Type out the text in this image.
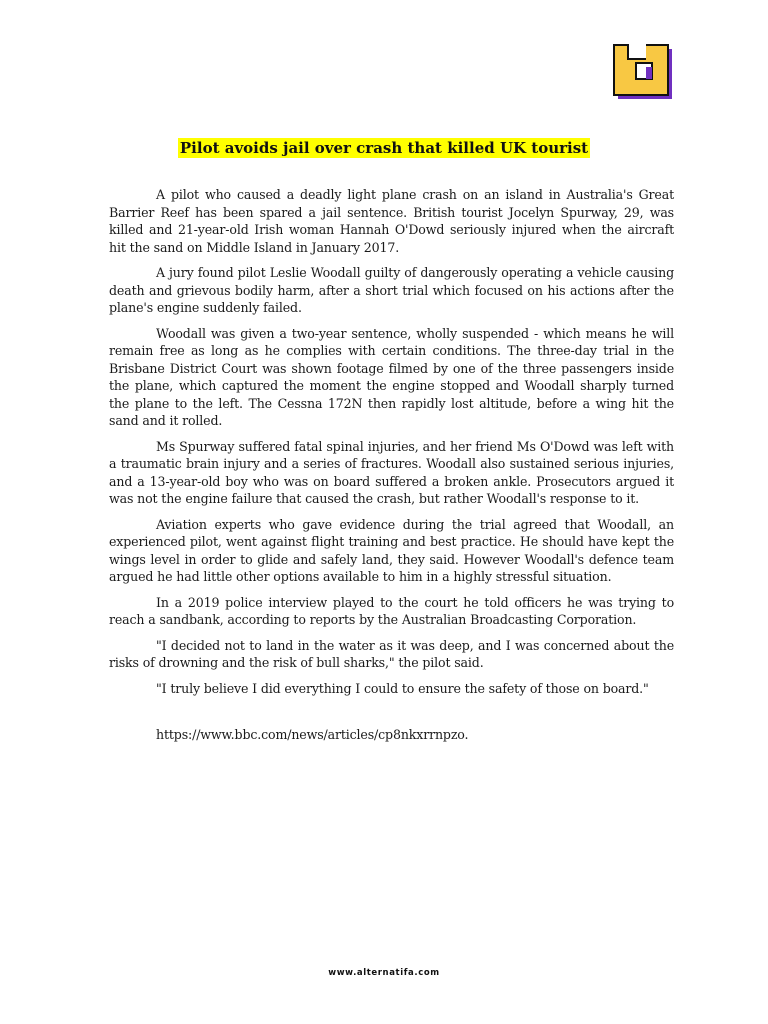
Pilot avoids jail over crash that killed UK tourist

A pilot who caused a deadly light plane crash on an island in Australia's Great Barrier Reef has been spared a jail sentence. British tourist Jocelyn Spurway, 29, was killed and 21-year-old Irish woman Hannah O'Dowd seriously injured when the aircraft hit the sand on Middle Island in January 2017.

A jury found pilot Leslie Woodall guilty of dangerously operating a vehicle causing death and grievous bodily harm, after a short trial which focused on his actions after the plane's engine suddenly failed.

Woodall was given a two-year sentence, wholly suspended - which means he will remain free as long as he complies with certain conditions. The three-day trial in the Brisbane District Court was shown footage filmed by one of the three passengers inside the plane, which captured the moment the engine stopped and Woodall sharply turned the plane to the left. The Cessna 172N then rapidly lost altitude, before a wing hit the sand and it rolled.

Ms Spurway suffered fatal spinal injuries, and her friend Ms O'Dowd was left with a traumatic brain injury and a series of fractures. Woodall also sustained serious injuries, and a 13-year-old boy who was on board suffered a broken ankle. Prosecutors argued it was not the engine failure that caused the crash, but rather Woodall's response to it.

Aviation experts who gave evidence during the trial agreed that Woodall, an experienced pilot, went against flight training and best practice. He should have kept the wings level in order to glide and safely land, they said. However Woodall's defence team argued he had little other options available to him in a highly stressful situation.

In a 2019 police interview played to the court he told officers he was trying to reach a sandbank, according to reports by the Australian Broadcasting Corporation.

"I decided not to land in the water as it was deep, and I was concerned about the risks of drowning and the risk of bull sharks," the pilot said.

"I truly believe I did everything I could to ensure the safety of those on board."

https://www.bbc.com/news/articles/cp8nkxrrnpzo.
www.alternatifa.com
